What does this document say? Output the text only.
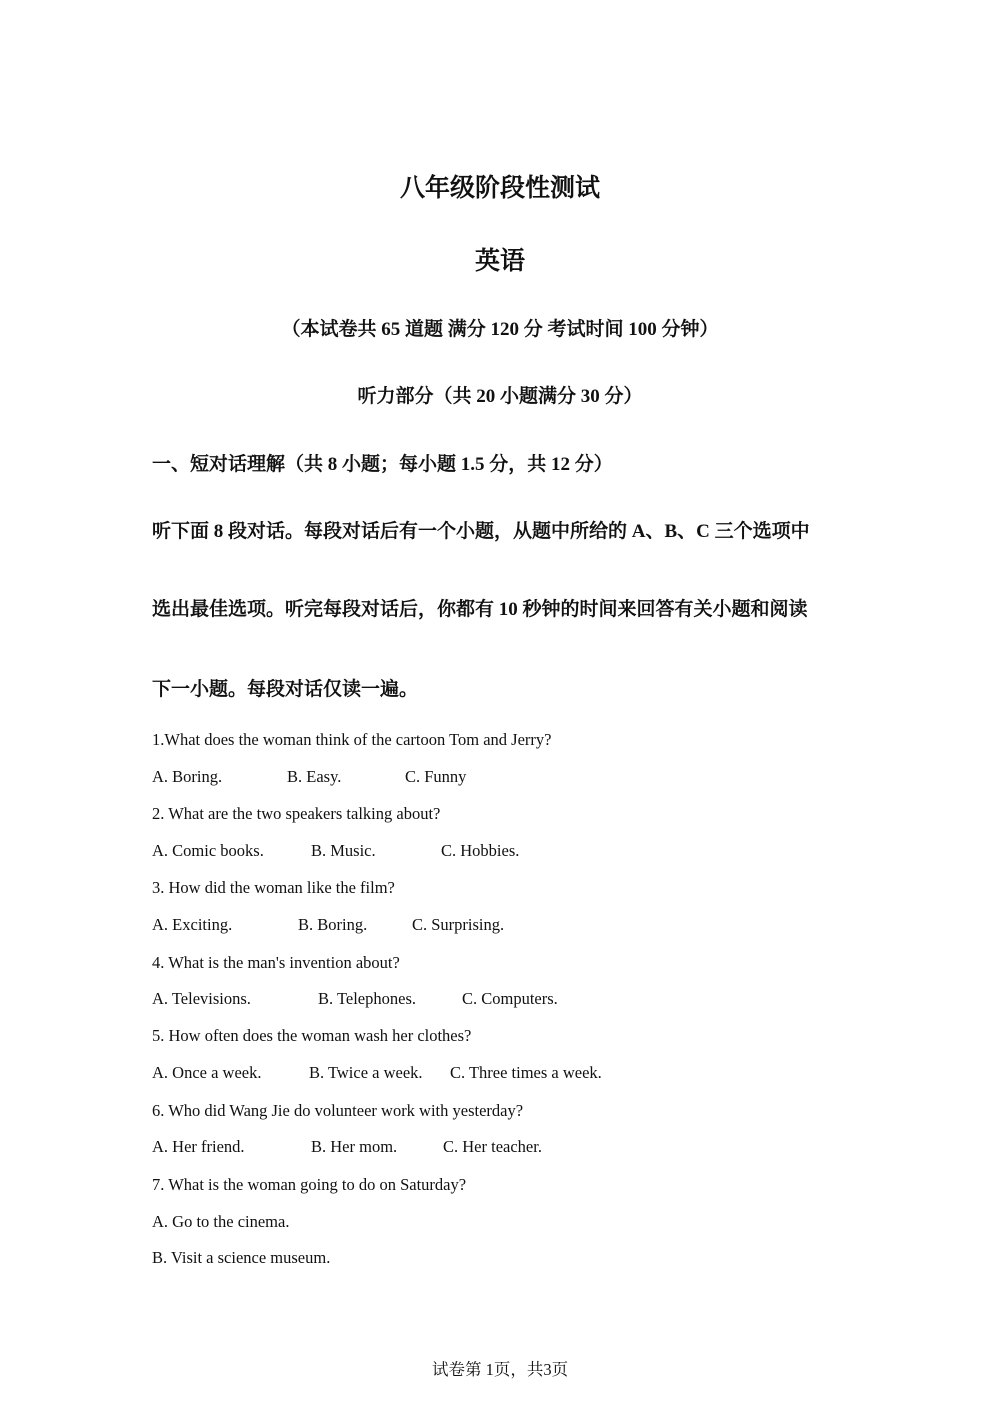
八年级阶段性测试
英语
（本试卷共 65 道题 满分 120 分 考试时间 100 分钟）
听力部分（共 20 小题满分 30 分）
一、短对话理解（共 8 小题；每小题 1.5 分，共 12 分）
听下面 8 段对话。每段对话后有一个小题，从题中所给的 A、B、C 三个选项中
选出最佳选项。听完每段对话后，你都有 10 秒钟的时间来回答有关小题和阅读
下一小题。每段对话仅读一遍。
1.What does the woman think of the cartoon Tom and Jerry?
A. Boring.	B. Easy.	C. Funny
2. What are the two speakers talking about?
A. Comic books.	B. Music.	C. Hobbies.
3. How did the woman like the film?
A. Exciting.	B. Boring.	C. Surprising.
4. What is the man's invention about?
A. Televisions.	B. Telephones.	C. Computers.
5. How often does the woman wash her clothes?
A. Once a week.	B. Twice a week. C. Three times a week.
6. Who did Wang Jie do volunteer work with yesterday?
A. Her friend.	B. Her mom.	C. Her teacher.
7. What is the woman going to do on Saturday?
A. Go to the cinema.
B. Visit a science museum.
试卷第 1页，共3页
